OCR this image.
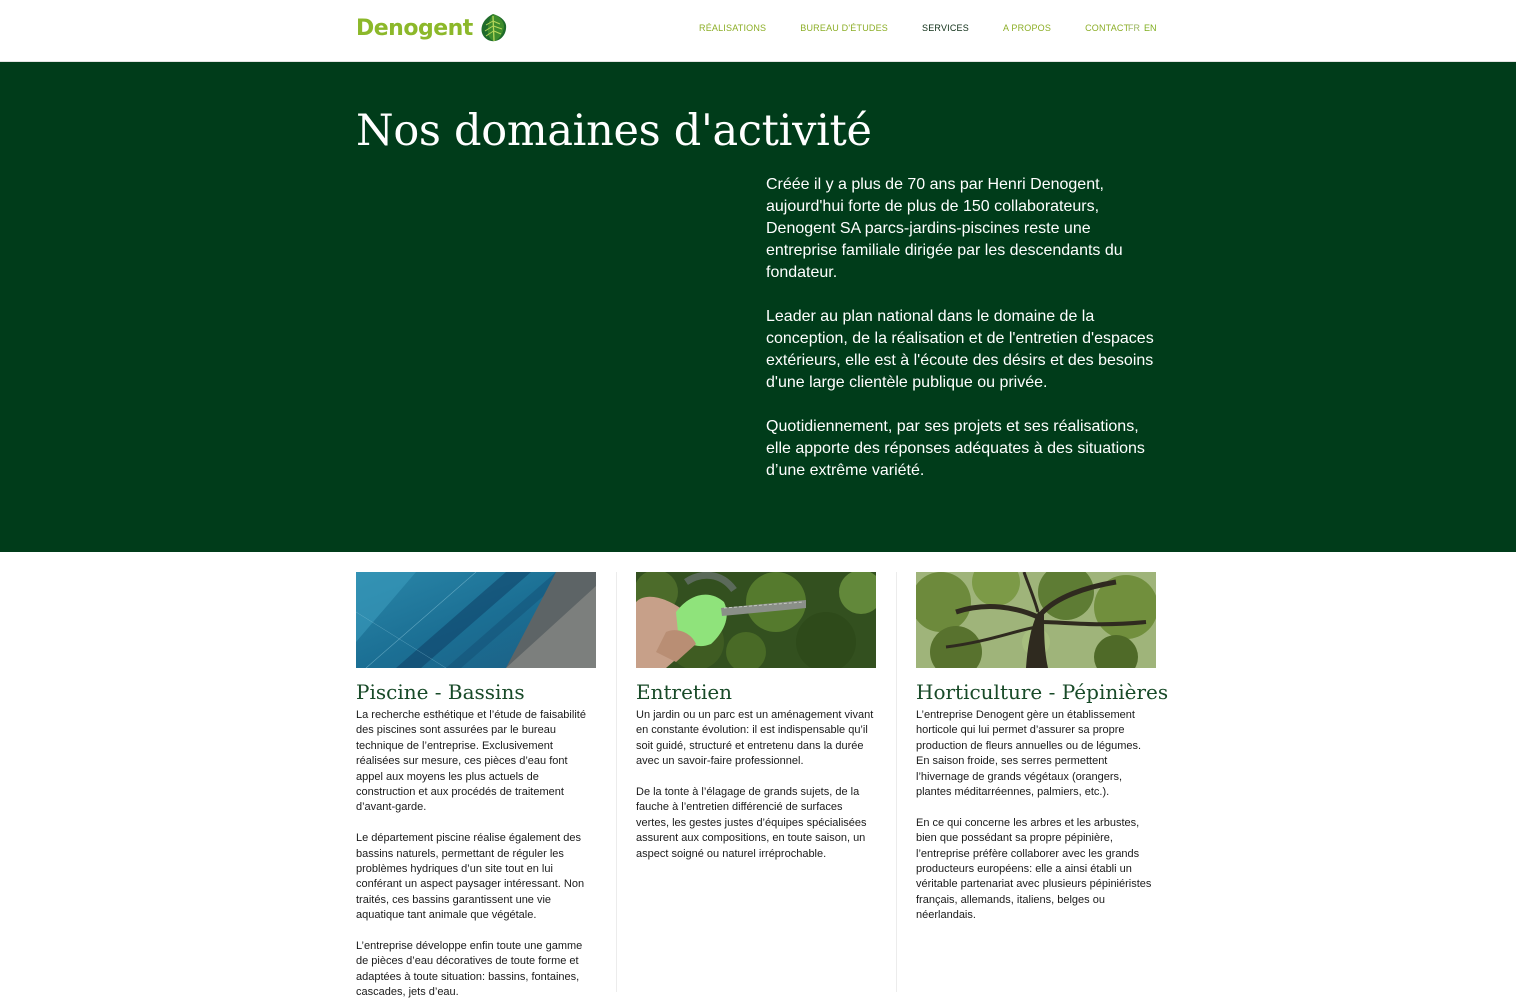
Denogent	RÉALISATIONS	BUREAU D'ÉTUDES	SERVICES	A PROPOS	CONTACT
FR EN
Nos domaines d'activité

Créée il y a plus de 70 ans par Henri Denogent, aujourd'hui forte de plus de 150 collaborateurs, Denogent SA parcs-jardins-piscines reste une entreprise familiale dirigée par les descendants du fondateur.

Leader au plan national dans le domaine de la conception, de la réalisation et de l'entretien d'espaces extérieurs, elle est à l'écoute des désirs et des besoins d'une large clientèle publique ou privée.

Quotidiennement, par ses projets et ses réalisations, elle apporte des réponses adéquates à des situations d’une extrême variété.

Piscine - Bassins

La recherche esthétique et l’étude de faisabilité des piscines sont assurées par le bureau technique de l’entreprise. Exclusivement réalisées sur mesure, ces pièces d’eau font appel aux moyens les plus actuels de construction et aux procédés de traitement d’avant-garde.

Le département piscine réalise également des bassins naturels, permettant de réguler les problèmes hydriques d’un site tout en lui conférant un aspect paysager intéressant. Non traités, ces bassins garantissent une vie aquatique tant animale que végétale.

L’entreprise développe enfin toute une gamme de pièces d’eau décoratives de toute forme et adaptées à toute situation: bassins, fontaines, cascades, jets d’eau.

Entretien

Un jardin ou un parc est un aménagement vivant en constante évolution: il est indispensable qu’il soit guidé, structuré et entretenu dans la durée avec un savoir-faire professionnel.

De la tonte à l’élagage de grands sujets, de la fauche à l’entretien différencié de surfaces vertes, les gestes justes d’équipes spécialisées assurent aux compositions, en toute saison, un aspect soigné ou naturel irréprochable.

Horticulture - Pépinières

L’entreprise Denogent gère un établissement horticole qui lui permet d’assurer sa propre production de fleurs annuelles ou de légumes. En saison froide, ses serres permettent l’hivernage de grands végétaux (orangers, plantes méditarréennes, palmiers, etc.).

En ce qui concerne les arbres et les arbustes, bien que possédant sa propre pépinière, l’entreprise préfère collaborer avec les grands producteurs européens: elle a ainsi établi un véritable partenariat avec plusieurs pépiniéristes français, allemands, italiens, belges ou néerlandais.
